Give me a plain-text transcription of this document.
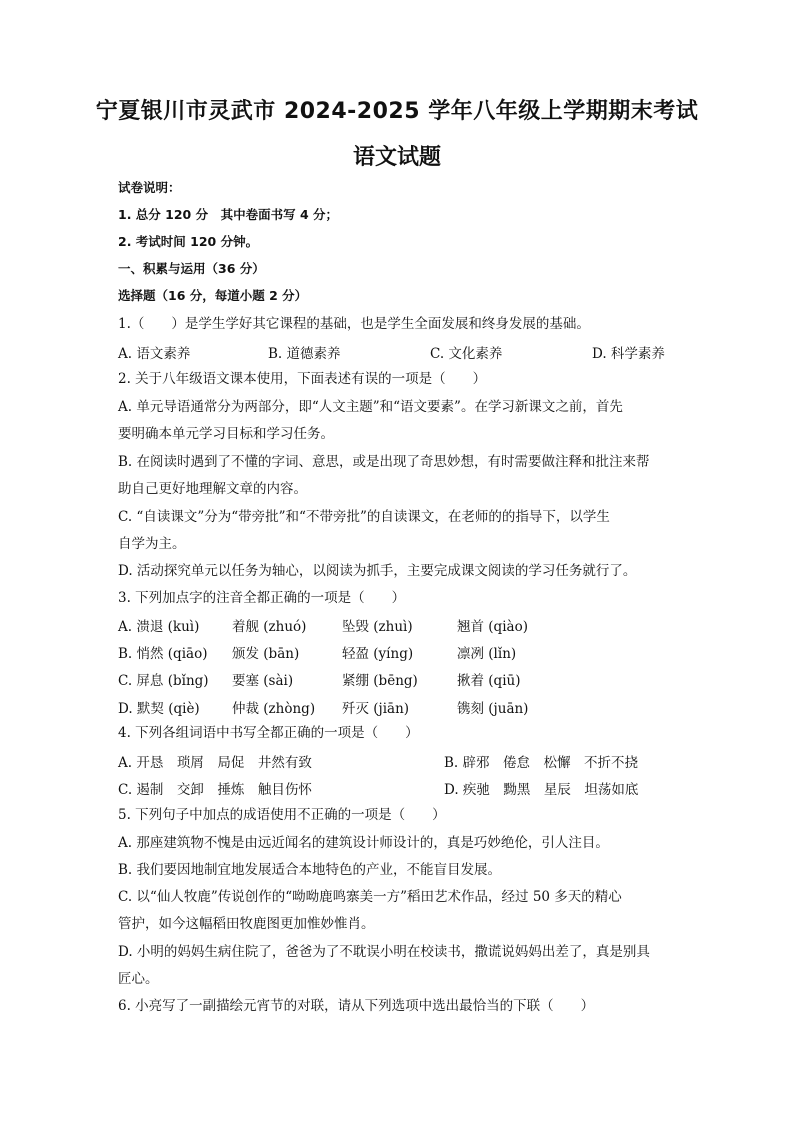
宁夏银川市灵武市 2024-2025 学年八年级上学期期末考试
语文试题
试卷说明：
1. 总分 120 分　其中卷面书写 4 分；
2. 考试时间 120 分钟。
一、积累与运用（36 分）
选择题（16 分，每道小题 2 分）
1.（　　）是学生学好其它课程的基础，也是学生全面发展和终身发展的基础。
A. 语文素养	B. 道德素养	C. 文化素养	D. 科学素养
2. 关于八年级语文课本使用，下面表述有误的一项是（　　）
A. 单元导语通常分为两部分，即“人文主题”和“语文要素”。在学习新课文之前，首先
要明确本单元学习目标和学习任务。
B. 在阅读时遇到了不懂的字词、意思，或是出现了奇思妙想，有时需要做注释和批注来帮
助自己更好地理解文章的内容。
C. “自读课文”分为“带旁批”和“不带旁批”的自读课文，在老师的的指导下，以学生
自学为主。
D. 活动探究单元以任务为轴心，以阅读为抓手，主要完成课文阅读的学习任务就行了。
3. 下列加点字的注音全都正确的一项是（　　）
A. 溃退 (kuì) 着舰 (zhuó)	坠毁 (zhuì)	翘首 (qiào)
B. 悄然 (qiāo) 颁发 (bān)	轻盈 (yíng)	凛冽 (lǐn)
C. 屏息 (bǐng) 要塞 (sài)	紧绷 (bēng)	揪着 (qiū)
D. 默契 (qiè) 仲裁 (zhòng) 歼灭 (jiān)	镌刻 (juān)
4. 下列各组词语中书写全都正确的一项是（　　）
A. 开恳　琐屑　局促　井然有致	B. 辟邪　倦怠　松懈　不折不挠
C. 遏制　交卸　捶炼　触目伤怀	D. 疾驰　黝黑　星辰　坦荡如底
5. 下列句子中加点的成语使用不正确的一项是（　　）
A. 那座建筑物不愧是由远近闻名的建筑设计师设计的，真是巧妙绝伦，引人注目。
B. 我们要因地制宜地发展适合本地特色的产业，不能盲目发展。
C. 以“仙人牧鹿”传说创作的“呦呦鹿鸣寨美一方”稻田艺术作品，经过 50 多天的精心
管护，如今这幅稻田牧鹿图更加惟妙惟肖。
D. 小明的妈妈生病住院了，爸爸为了不耽误小明在校读书，撒谎说妈妈出差了，真是别具
匠心。
6. 小亮写了一副描绘元宵节的对联，请从下列选项中选出最恰当的下联（　　）
